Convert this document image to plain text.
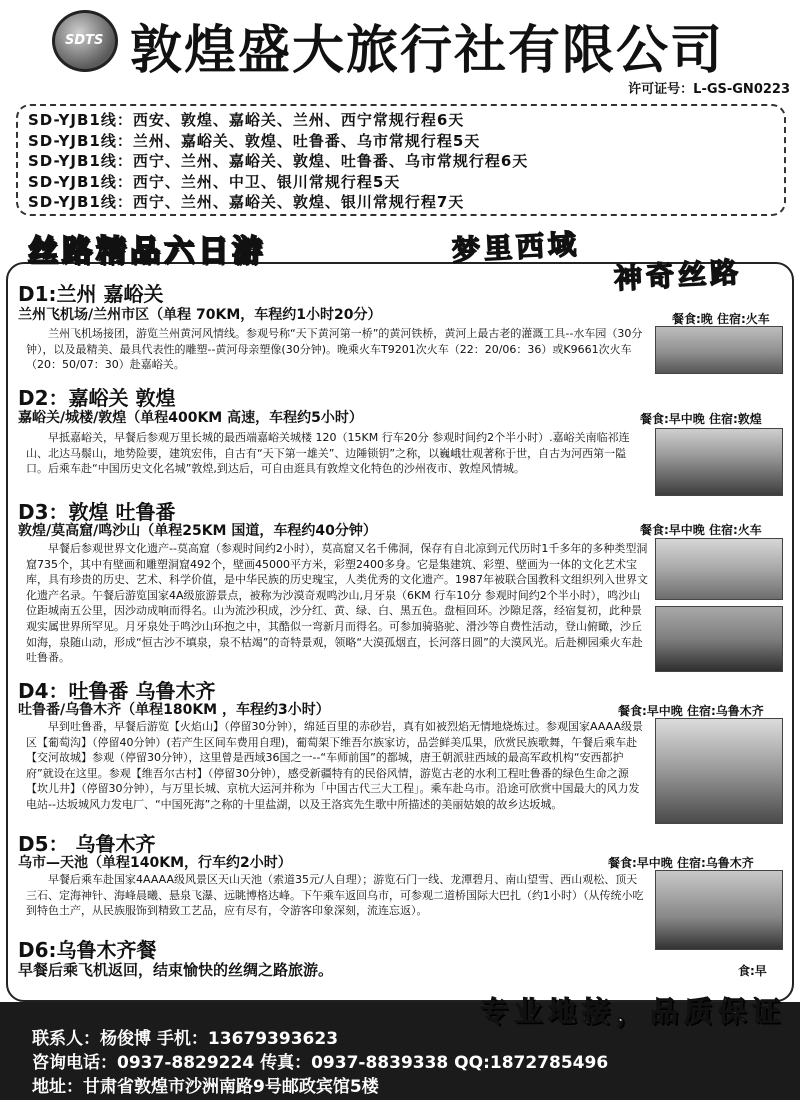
SDTS 敦煌盛大旅行社有限公司
许可证号：L-GS-GN0223
SD-YJB1线：西安、敦煌、嘉峪关、兰州、西宁常规行程6天
SD-YJB1线：兰州、嘉峪关、敦煌、吐鲁番、乌市常规行程5天
SD-YJB1线：西宁、兰州、嘉峪关、敦煌、吐鲁番、乌市常规行程6天
SD-YJB1线：西宁、兰州、中卫、银川常规行程5天
SD-YJB1线：西宁、兰州、嘉峪关、敦煌、银川常规行程7天
丝路精品六日游	梦里西域
神奇丝路
D1:兰州 嘉峪关
兰州飞机场/兰州市区（单程 70KM，车程约1小时20分）	餐食:晚 住宿:火车
兰州飞机场接团，游览兰州黄河风情线。参观号称“天下黄河第一桥”的黄河铁桥，黄河上最古老的灌溉工具--水车园（30分钟），以及最精美、最具代表性的雕塑--黄河母亲塑像(30分钟)。晚乘火车T9201次火车（22：20/06：36）或K9661次火车（20：50/07：30）赴嘉峪关。
D2：嘉峪关 敦煌
嘉峪关/城楼/敦煌（单程400KM 高速，车程约5小时）	餐食:早中晚 住宿:敦煌
早抵嘉峪关，早餐后参观万里长城的最西端嘉峪关城楼 120（15KM 行车20分 参观时间约2个半小时）.嘉峪关南临祁连山、北达马鬃山，地势险要，建筑宏伟，自古有“天下第一雄关”、边陲锁钥”之称，以巍峨壮观著称于世，自古为河西第一隘口。后乘车赴“中国历史文化名城”敦煌,到达后，可自由逛具有敦煌文化特色的沙州夜市、敦煌风情城。
D3：敦煌 吐鲁番
敦煌/莫高窟/鸣沙山（单程25KM 国道，车程约40分钟）	餐食:早中晚 住宿:火车
早餐后参观世界文化遗产--莫高窟（参观时间约2小时），莫高窟又名千佛洞，保存有自北凉到元代历时1千多年的多种类型洞窟735个，其中有壁画和雕塑洞窟492个，壁画45000平方米，彩塑2400多身。它是集建筑、彩塑、壁画为一体的文化艺术宝库，具有珍贵的历史、艺术、科学价值，是中华民族的历史瑰宝，人类优秀的文化遗产。1987年被联合国教科文组织列入世界文化遗产名录。午餐后游览国家4A级旅游景点，被称为沙漠奇观鸣沙山,月牙泉（6KM 行车10分 参观时间约2个半小时），鸣沙山位距城南五公里，因沙动成响而得名。山为流沙积成，沙分红、黄、绿、白、黑五色。盘桓回环。沙隙足落，经宿复初，此种景观实属世界所罕见。月牙泉处于鸣沙山环抱之中，其酷似一弯新月而得名。可参加骑骆驼、滑沙等自费性活动，登山俯瞰，沙丘如海，泉随山动，形成“恒古沙不填泉，泉不枯竭”的奇特景观，领略“大漠孤烟直，长河落日圆”的大漠风光。后赴柳园乘火车赴吐鲁番。
D4：吐鲁番 乌鲁木齐
吐鲁番/乌鲁木齐（单程180KM ，车程约3小时）	餐食:早中晚 住宿:乌鲁木齐
早到吐鲁番，早餐后游览【火焰山】（停留30分钟），绵延百里的赤砂岩，真有如被烈焰无情地烧炼过。参观国家AAAA级景区【葡萄沟】（停留40分钟）(若产生区间车费用自理)，葡萄架下维吾尔族家访，品尝鲜美瓜果，欣赏民族歌舞，午餐后乘车赴【交河故城】参观（停留30分钟），这里曾是西域36国之一--“车师前国”的都城，唐王朝派驻西域的最高军政机构“安西都护府”就设在这里。参观【维吾尔古村】（停留30分钟），感受新疆特有的民俗风情，游览古老的水利工程吐鲁番的绿色生命之源【坎儿井】（停留30分钟），与万里长城、京杭大运河并称为「中国古代三大工程」。乘车赴乌市。沿途可欣赏中国最大的风力发电站--达坂城风力发电厂、“中国死海”之称的十里盐湖，以及王洛宾先生歌中所描述的美丽姑娘的故乡达坂城。
D5： 乌鲁木齐
乌市—天池（单程140KM，行车约2小时）	餐食:早中晚 住宿:乌鲁木齐
早餐后乘车赴国家4AAAA级风景区天山天池（索道35元/人自理）；游览石门一线、龙潭碧月、南山望雪、西山观松、顶天三石、定海神针、海峰晨曦、悬泉飞瀑、远眺博格达峰。下午乘车返回乌市，可参观二道桥国际大巴扎（约1小时）（从传统小吃到特色土产，从民族服饰到精致工艺品，应有尽有，令游客印象深刻，流连忘返）。
D6:乌鲁木齐餐
早餐后乘飞机返回，结束愉快的丝绸之路旅游。	食:早
专业地接，品质保证
联系人：杨俊博 手机：13679393623
咨询电话：0937-8829224 传真：0937-8839338 QQ:1872785496
地址：甘肃省敦煌市沙洲南路9号邮政宾馆5楼
